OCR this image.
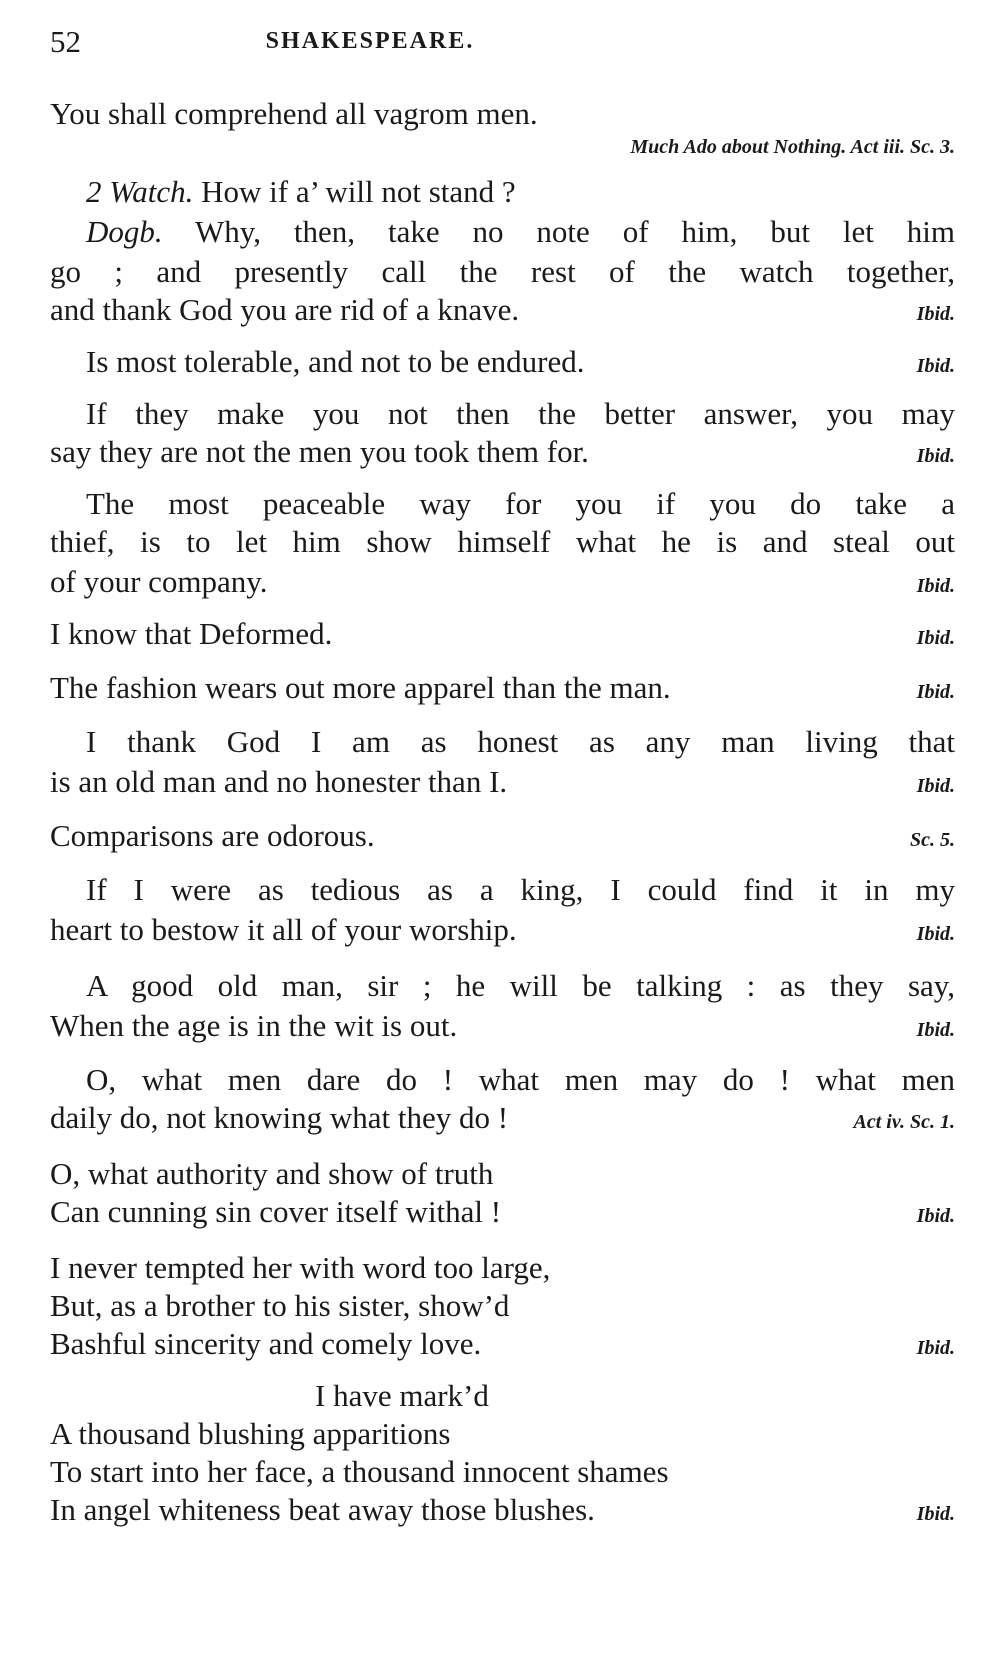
52	SHAKESPEARE.
You shall comprehend all vagrom men.
Much Ado about Nothing. Act iii. Sc. 3.
2 Watch. How if a’ will not stand ?
Dogb. Why, then, take no note of him, but let him
go ; and presently call the rest of the watch together,
and thank God you are rid of a knave.	Ibid.
Is most tolerable, and not to be endured.	Ibid.
If they make you not then the better answer, you may
say they are not the men you took them for.	Ibid.
The most peaceable way for you if you do take a
thief, is to let him show himself what he is and steal out
of your company.	Ibid.
I know that Deformed.	Ibid.
The fashion wears out more apparel than the man.	Ibid.
I thank God I am as honest as any man living that
is an old man and no honester than I.	Ibid.
Comparisons are odorous.	Sc. 5.
If I were as tedious as a king, I could find it in my
heart to bestow it all of your worship.	Ibid.
A good old man, sir ; he will be talking : as they say,
When the age is in the wit is out.	Ibid.
O, what men dare do ! what men may do ! what men
daily do, not knowing what they do !	Act iv. Sc. 1.
O, what authority and show of truth
Can cunning sin cover itself withal !	Ibid.
I never tempted her with word too large,
But, as a brother to his sister, show’d
Bashful sincerity and comely love.	Ibid.
I have mark’d
A thousand blushing apparitions
To start into her face, a thousand innocent shames
In angel whiteness beat away those blushes.	Ibid.
